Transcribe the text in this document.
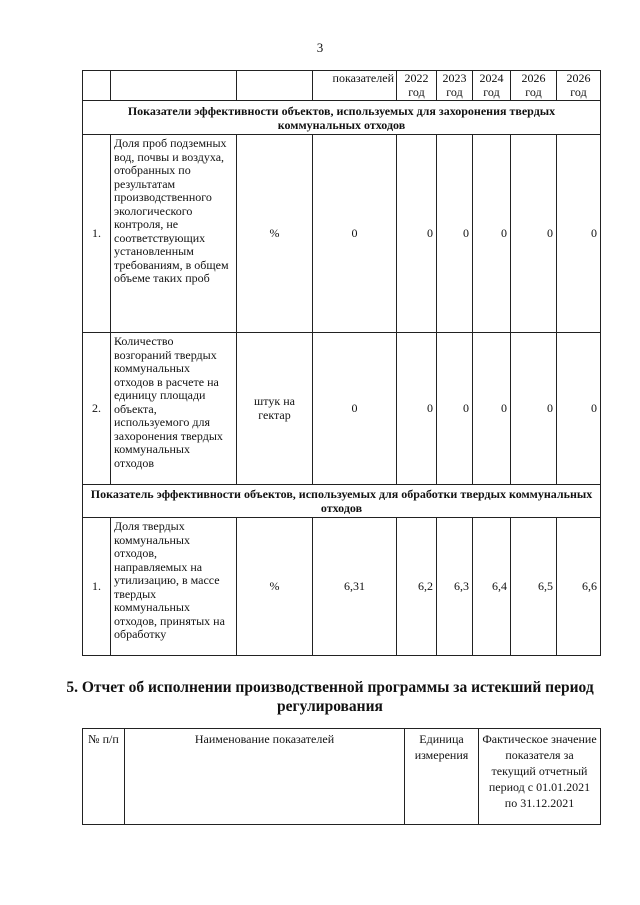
3
			показателей	2022 год	2023 год	2024 год	2026 год	2026 год
Показатели эффективности объектов, используемых для захоронения твердых коммунальных отходов								
1.	Доля проб подземных вод, почвы и воздуха, отобранных по результатам производственного экологического контроля, не соответствующих установленным требованиям, в общем объеме таких проб	%	0	0	0	0	0	0
2.	Количество возгораний твердых коммунальных отходов в расчете на единицу площади объекта, используемого для захоронения твердых коммунальных отходов	штук на гектар	0	0	0	0	0	0
Показатель эффективности объектов, используемых для обработки твердых коммунальных отходов								
1.	Доля твердых коммунальных отходов, направляемых на утилизацию, в массе твердых коммунальных отходов, принятых на обработку	%	6,31	6,2	6,3	6,4	6,5	6,6
5. Отчет об исполнении производственной программы за истекший период регулирования
№ п/п	Наименование показателей	Единица измерения	Фактическое значение показателя за текущий отчетный период с 01.01.2021 по 31.12.2021
